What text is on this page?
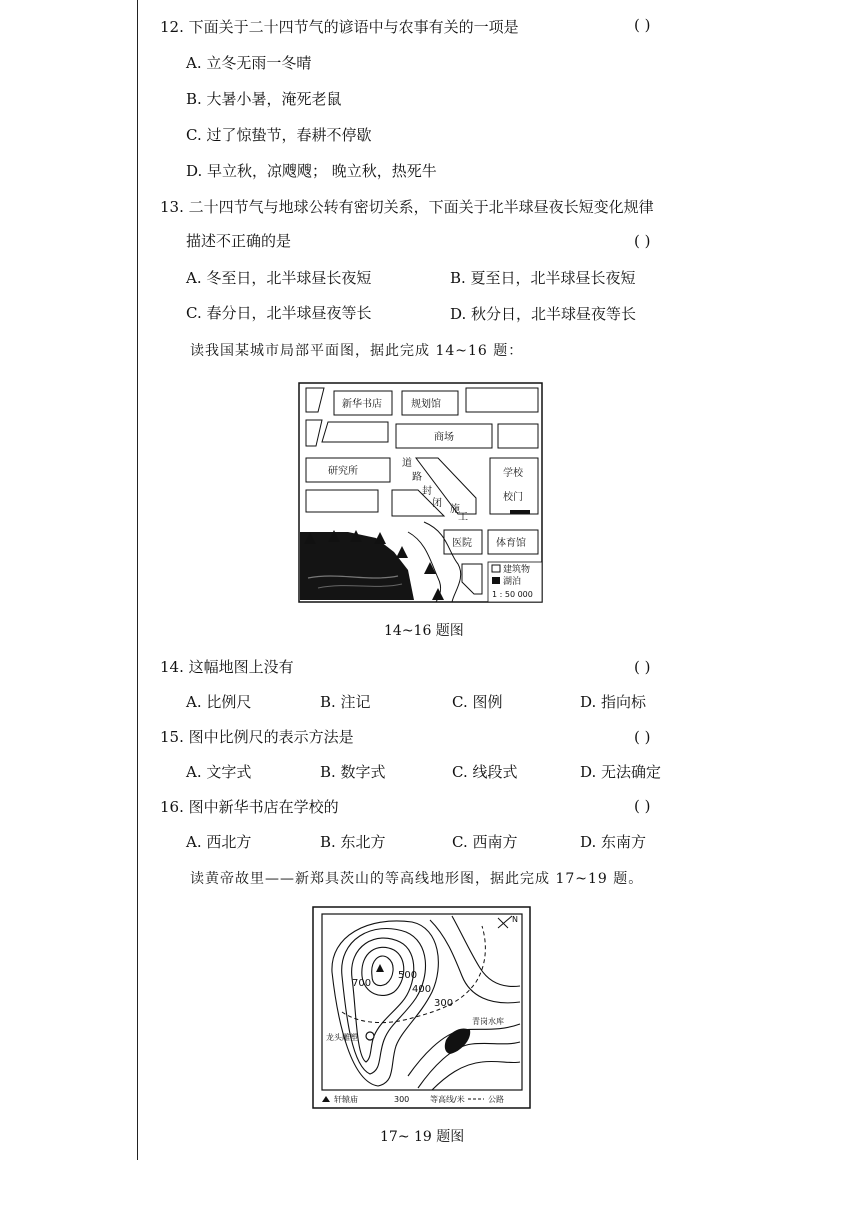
12. 下面关于二十四节气的谚语中与农事有关的一项是	( )
A. 立冬无雨一冬晴
B. 大暑小暑，淹死老鼠
C. 过了惊蛰节，春耕不停歇
D. 早立秋，凉飕飕； 晚立秋，热死牛
13. 二十四节气与地球公转有密切关系，下面关于北半球昼夜长短变化规律
描述不正确的是	( )
A. 冬至日，北半球昼长夜短	B. 夏至日，北半球昼长夜短
C. 春分日，北半球昼夜等长	D. 秋分日，北半球昼夜等长
读我国某城市局部平面图，据此完成 14~16 题：
新华书店	规划馆
商场
研究所	学校
校门
医院 体育馆
道
路
封
闭
施
工
建筑物
湖泊
1 : 50 000
14~16 题图
14. 这幅地图上没有	( )
A. 比例尺	B. 注记	C. 图例	D. 指向标
15. 图中比例尺的表示方法是	( )
A. 文字式	B. 数字式	C. 线段式	D. 无法确定
16. 图中新华书店在学校的	( )
A. 西北方	B. 东北方	C. 西南方	D. 东南方
读黄帝故里——新郑具茨山的等高线地形图，据此完成 17~19 题。
N
700
500
400
300
青岗水库
龙头雕塑
轩辕庙	300	等高线/米	公路
17~ 19 题图
